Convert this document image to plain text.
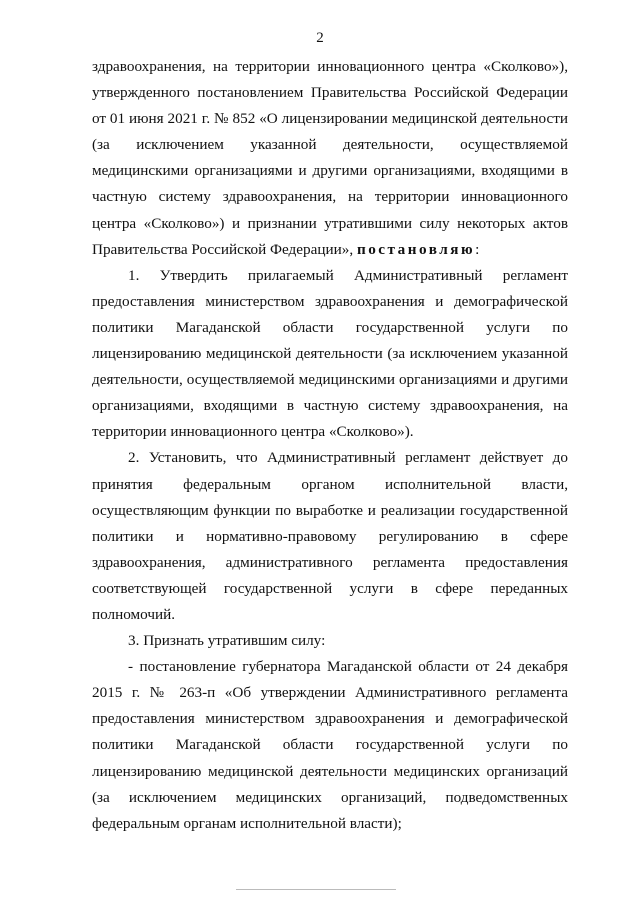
2

здравоохранения, на территории инновационного центра «Сколково»), утвержденного постановлением Правительства Российской Федерации от 01 июня 2021 г. № 852 «О лицензировании медицинской деятельности (за исключением указанной деятельности, осуществляемой медицинскими организациями и другими организациями, входящими в частную систему здравоохранения, на территории инновационного центра «Сколково») и признании утратившими силу некоторых актов Правительства Российской Федерации», постановляю:

1. Утвердить прилагаемый Административный регламент предоставления министерством здравоохранения и демографической политики Магаданской области государственной услуги по лицензированию медицинской деятельности (за исключением указанной деятельности, осуществляемой медицинскими организациями и другими организациями, входящими в частную систему здравоохранения, на территории инновационного центра «Сколково»).

2. Установить, что Административный регламент действует до принятия федеральным органом исполнительной власти, осуществляющим функции по выработке и реализации государственной политики и нормативно-правовому регулированию в сфере здравоохранения, административного регламента предоставления соответствующей государственной услуги в сфере переданных полномочий.

3. Признать утратившим силу:

- постановление губернатора Магаданской области от 24 декабря 2015 г. № 263-п «Об утверждении Административного регламента предоставления министерством здравоохранения и демографической политики Магаданской области государственной услуги по лицензированию медицинской деятельности медицинских организаций (за исключением медицинских организаций, подведомственных федеральным органам исполнительной власти);
